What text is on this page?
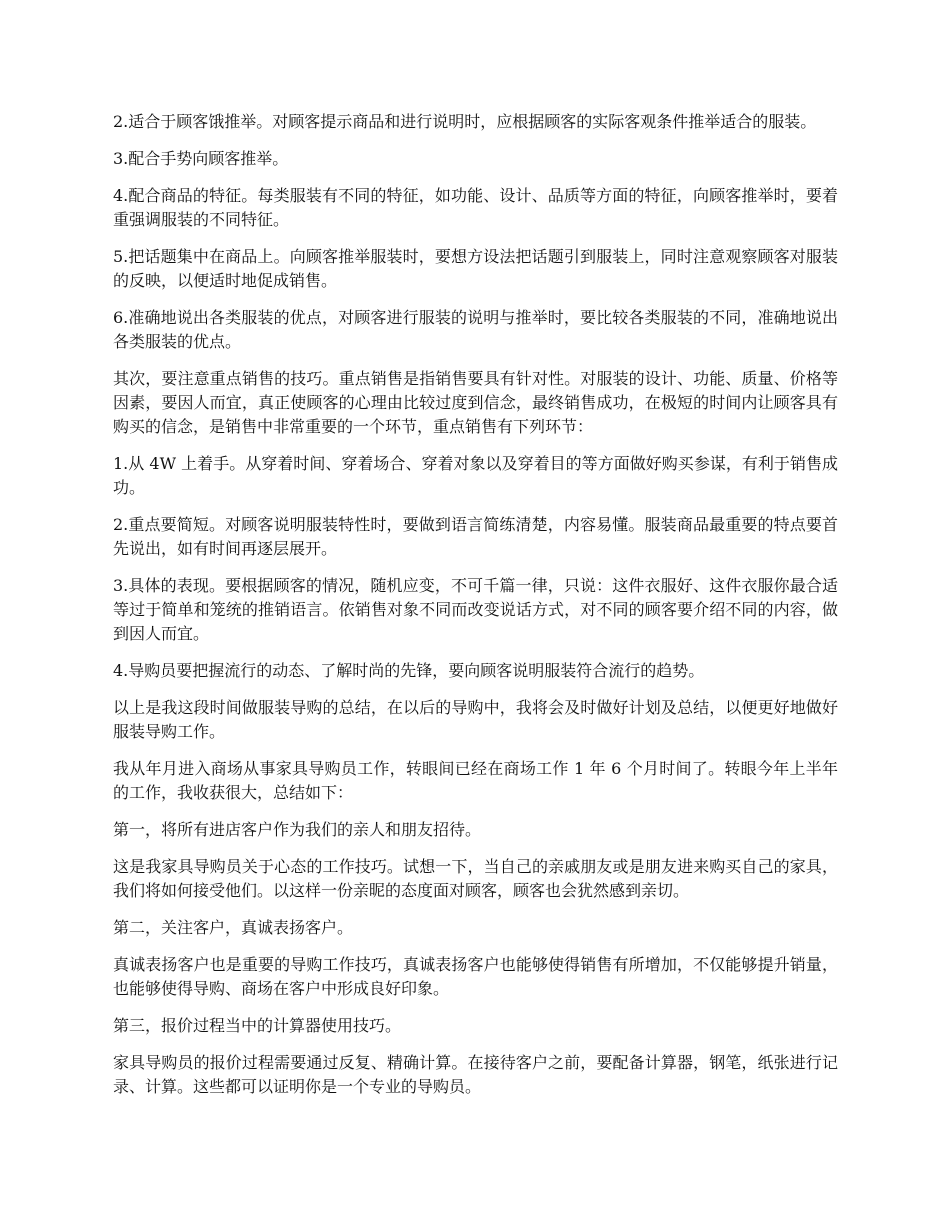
2.适合于顾客饿推举。对顾客提示商品和进行说明时，应根据顾客的实际客观条件推举适合的服装。

3.配合手势向顾客推举。

4.配合商品的特征。每类服装有不同的特征，如功能、设计、品质等方面的特征，向顾客推举时，要着重强调服装的不同特征。

5.把话题集中在商品上。向顾客推举服装时，要想方设法把话题引到服装上，同时注意观察顾客对服装的反映，以便适时地促成销售。

6.准确地说出各类服装的优点，对顾客进行服装的说明与推举时，要比较各类服装的不同，准确地说出各类服装的优点。

其次，要注意重点销售的技巧。重点销售是指销售要具有针对性。对服装的设计、功能、质量、价格等因素，要因人而宜，真正使顾客的心理由比较过度到信念，最终销售成功，在极短的时间内让顾客具有购买的信念，是销售中非常重要的一个环节，重点销售有下列环节：

1.从 4W 上着手。从穿着时间、穿着场合、穿着对象以及穿着目的等方面做好购买参谋，有利于销售成功。

2.重点要简短。对顾客说明服装特性时，要做到语言简练清楚，内容易懂。服装商品最重要的特点要首先说出，如有时间再逐层展开。

3.具体的表现。要根据顾客的情况，随机应变，不可千篇一律，只说：这件衣服好、这件衣服你最合适等过于简单和笼统的推销语言。依销售对象不同而改变说话方式，对不同的顾客要介绍不同的内容，做到因人而宜。

4.导购员要把握流行的动态、了解时尚的先锋，要向顾客说明服装符合流行的趋势。

以上是我这段时间做服装导购的总结，在以后的导购中，我将会及时做好计划及总结，以便更好地做好服装导购工作。

我从年月进入商场从事家具导购员工作，转眼间已经在商场工作 1 年 6 个月时间了。转眼今年上半年的工作，我收获很大，总结如下：

第一，将所有进店客户作为我们的亲人和朋友招待。

这是我家具导购员关于心态的工作技巧。试想一下，当自己的亲戚朋友或是朋友进来购买自己的家具，我们将如何接受他们。以这样一份亲昵的态度面对顾客，顾客也会犹然感到亲切。

第二，关注客户，真诚表扬客户。

真诚表扬客户也是重要的导购工作技巧，真诚表扬客户也能够使得销售有所增加，不仅能够提升销量，也能够使得导购、商场在客户中形成良好印象。

第三，报价过程当中的计算器使用技巧。

家具导购员的报价过程需要通过反复、精确计算。在接待客户之前，要配备计算器，钢笔，纸张进行记录、计算。这些都可以证明你是一个专业的导购员。
